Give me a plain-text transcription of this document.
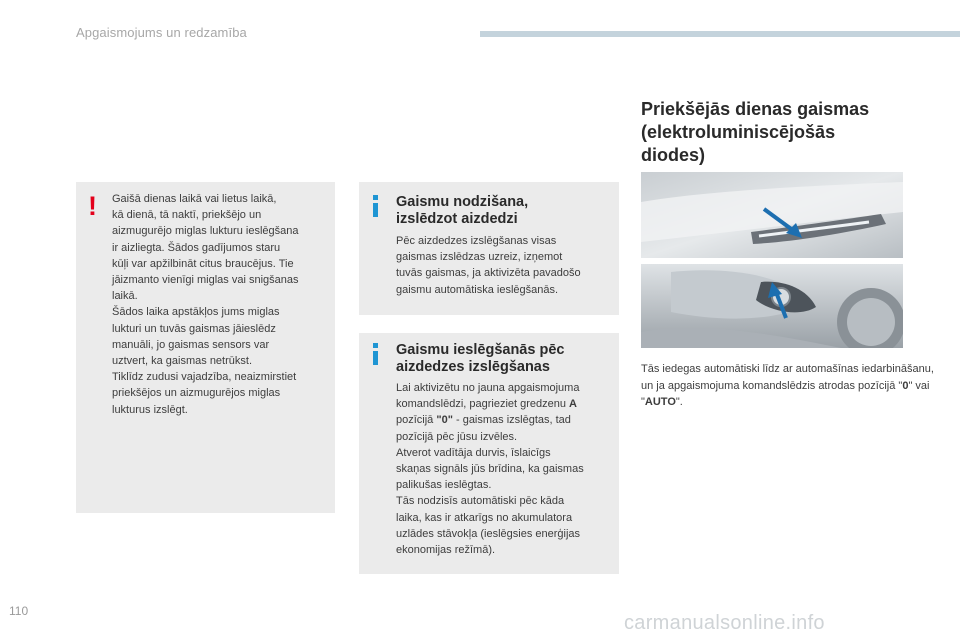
Apgaismojums un redzamība
! Gaišā dienas laikā vai lietus laikā,
kā dienā, tā naktī, priekšējo un
aizmugurējo miglas lukturu ieslēgšana
ir aizliegta. Šādos gadījumos staru
kūļi var apžilbināt citus braucējus. Tie
jāizmanto vienīgi miglas vai snigšanas
laikā.
Šādos laika apstākļos jums miglas
lukturi un tuvās gaismas jāieslēdz
manuāli, jo gaismas sensors var
uztvert, ka gaismas netrūkst.
Tiklīdz zudusi vajadzība, neaizmirstiet
priekšējos un aizmugurējos miglas
lukturus izslēgt.
Gaismu nodzišana,
izslēdzot aizdedzi
Pēc aizdedzes izslēgšanas visas
gaismas izslēdzas uzreiz, izņemot
tuvās gaismas, ja aktivizēta pavadošo
gaismu automātiska ieslēgšanās.
Gaismu ieslēgšanās pēc
aizdedzes izslēgšanas
Lai aktivizētu no jauna apgaismojuma
komandslēdzi, pagrieziet gredzenu A
pozīcijā "0" - gaismas izslēgtas, tad
pozīcijā pēc jūsu izvēles.
Atverot vadītāja durvis, īslaicīgs
skaņas signāls jūs brīdina, ka gaismas
palikušas ieslēgtas.
Tās nodzisīs automātiski pēc kāda
laika, kas ir atkarīgs no akumulatora
uzlādes stāvokļa (ieslēgsies enerģijas
ekonomijas režīmā).
Priekšējās dienas gaismas
(elektroluminiscējošās
diodes)
Tās iedegas automātiski līdz ar automašīnas iedarbināšanu, un ja apgaismojuma komandslēdzis atrodas pozīcijā "0" vai "AUTO".
110
carmanualsonline.info
